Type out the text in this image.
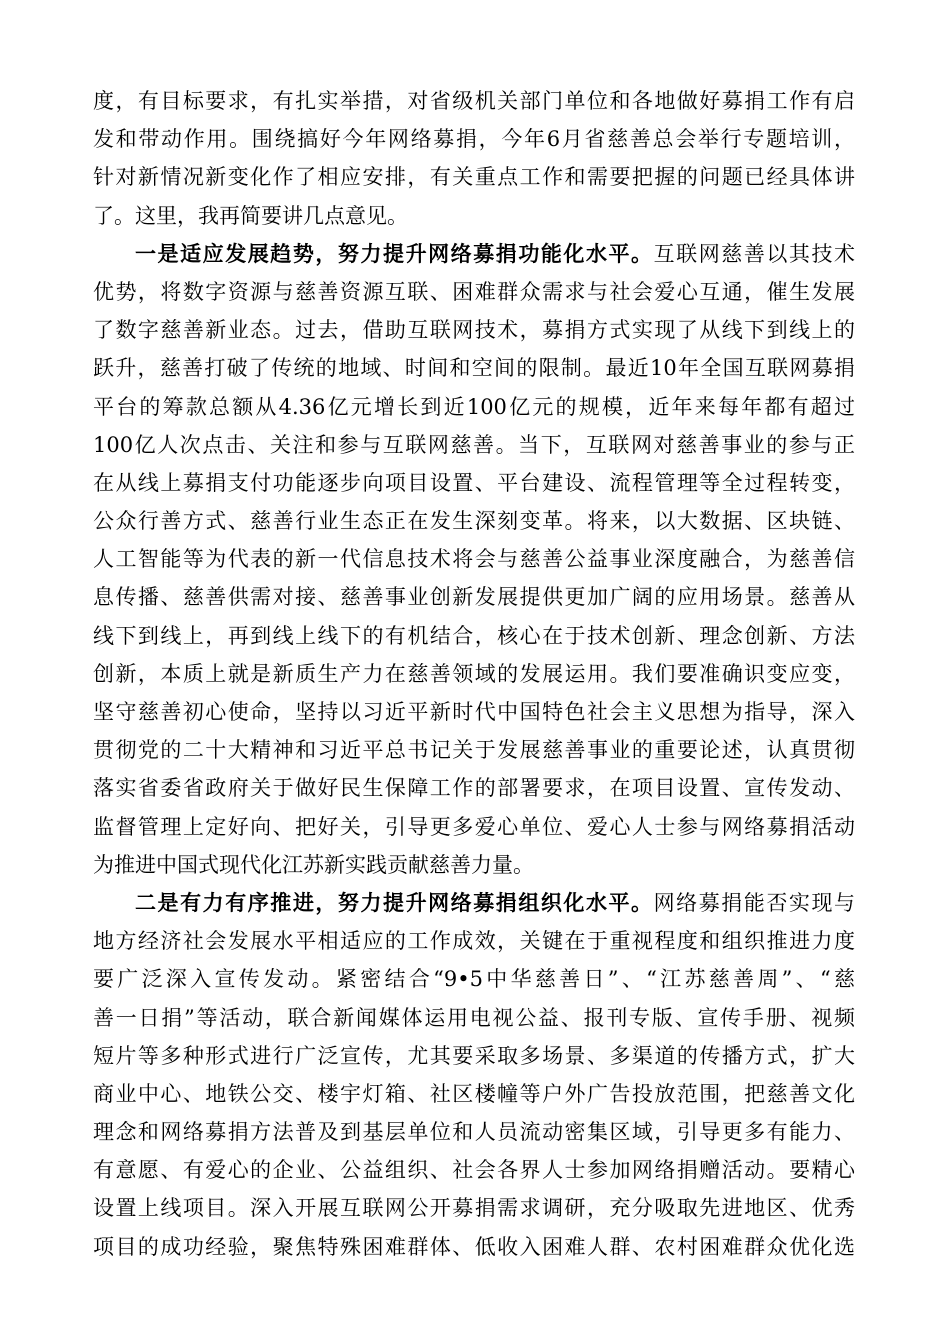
度，有目标要求，有扎实举措，对省级机关部门单位和各地做好募捐工作有启
发和带动作用。围绕搞好今年网络募捐，今年6月省慈善总会举行专题培训，
针对新情况新变化作了相应安排，有关重点工作和需要把握的问题已经具体讲
了。这里，我再简要讲几点意见。
一是适应发展趋势，努力提升网络募捐功能化水平。互联网慈善以其技术
优势，将数字资源与慈善资源互联、困难群众需求与社会爱心互通，催生发展
了数字慈善新业态。过去，借助互联网技术，募捐方式实现了从线下到线上的
跃升，慈善打破了传统的地域、时间和空间的限制。最近10年全国互联网募捐
平台的筹款总额从4.36亿元增长到近100亿元的规模，近年来每年都有超过
100亿人次点击、关注和参与互联网慈善。当下，互联网对慈善事业的参与正
在从线上募捐支付功能逐步向项目设置、平台建设、流程管理等全过程转变，
公众行善方式、慈善行业生态正在发生深刻变革。将来，以大数据、区块链、
人工智能等为代表的新一代信息技术将会与慈善公益事业深度融合，为慈善信
息传播、慈善供需对接、慈善事业创新发展提供更加广阔的应用场景。慈善从
线下到线上，再到线上线下的有机结合，核心在于技术创新、理念创新、方法
创新，本质上就是新质生产力在慈善领域的发展运用。我们要准确识变应变，
坚守慈善初心使命，坚持以习近平新时代中国特色社会主义思想为指导，深入
贯彻党的二十大精神和习近平总书记关于发展慈善事业的重要论述，认真贯彻
落实省委省政府关于做好民生保障工作的部署要求，在项目设置、宣传发动、
监督管理上定好向、把好关，引导更多爱心单位、爱心人士参与网络募捐活动
为推进中国式现代化江苏新实践贡献慈善力量。
二是有力有序推进，努力提升网络募捐组织化水平。网络募捐能否实现与
地方经济社会发展水平相适应的工作成效，关键在于重视程度和组织推进力度
要广泛深入宣传发动。紧密结合“9•5中华慈善日”、“江苏慈善周”、“慈
善一日捐”等活动，联合新闻媒体运用电视公益、报刊专版、宣传手册、视频
短片等多种形式进行广泛宣传，尤其要采取多场景、多渠道的传播方式，扩大
商业中心、地铁公交、楼宇灯箱、社区楼幢等户外广告投放范围，把慈善文化
理念和网络募捐方法普及到基层单位和人员流动密集区域，引导更多有能力、
有意愿、有爱心的企业、公益组织、社会各界人士参加网络捐赠活动。要精心
设置上线项目。深入开展互联网公开募捐需求调研，充分吸取先进地区、优秀
项目的成功经验，聚焦特殊困难群体、低收入困难人群、农村困难群众优化选
